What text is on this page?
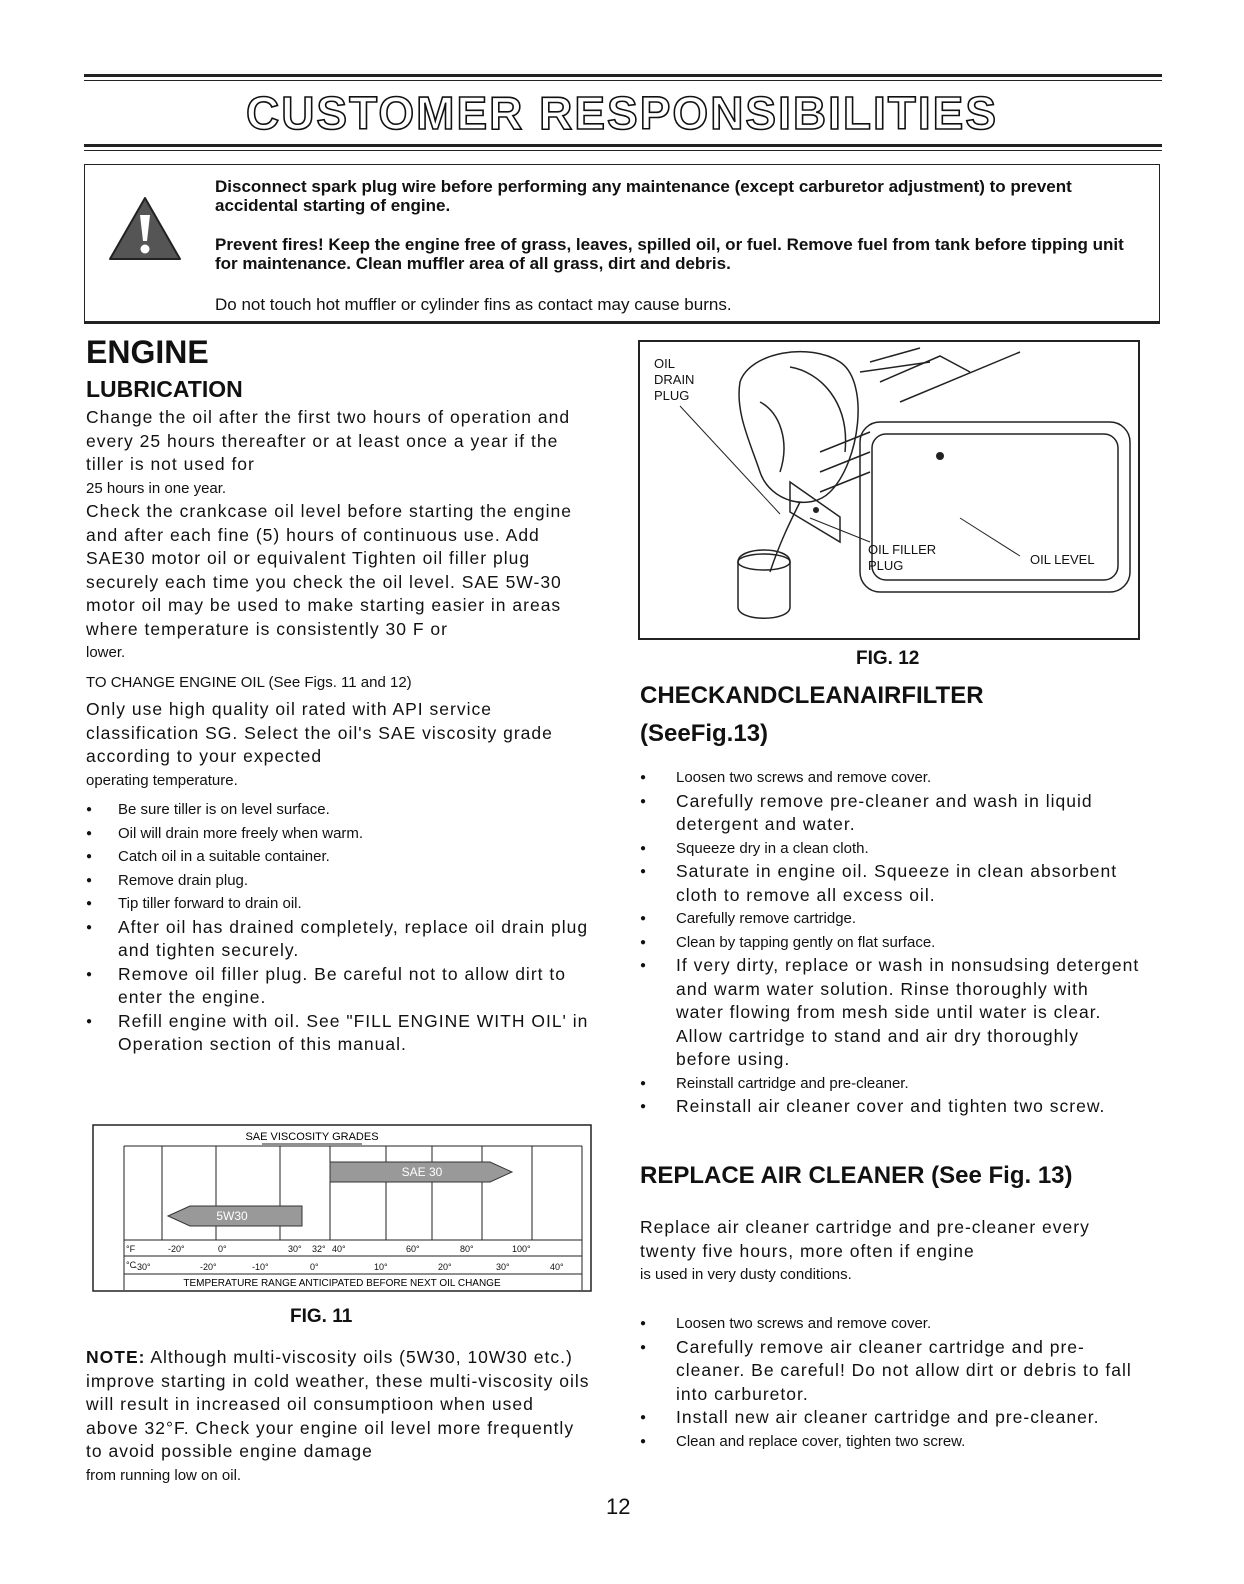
CUSTOMER RESPONSIBILITIES

Disconnect spark plug wire before performing any maintenance (except carburetor adjustment) to prevent accidental starting of engine.

Prevent fires! Keep the engine free of grass, leaves, spilled oil, or fuel. Remove fuel from tank before tipping unit for maintenance. Clean muffler area of all grass, dirt and debris.

Do not touch hot muffler or cylinder fins as contact may cause burns.

ENGINE
LUBRICATION

Change the oil after the first two hours of operation and every 25 hours thereafter or at least once a year if the tiller is not used for

25 hours in one year.

Check the crankcase oil level before starting the engine and after each fine (5) hours of continuous use. Add SAE30 motor oil or equivalent Tighten oil filler plug securely each time you check the oil level. SAE 5W-30 motor oil may be used to make starting easier in areas where temperature is consistently 30 F or

lower.

TO CHANGE ENGINE OIL (See Figs. 11 and 12)

Only use high quality oil rated with API service classification SG. Select the oil's SAE viscosity grade according to your expected

operating temperature.

● Be sure tiller is on level surface.
● Oil will drain more freely when warm.
● Catch oil in a suitable container.
● Remove drain plug.
● Tip tiller forward to drain oil.
● After oil has drained completely, replace oil drain plug and tighten securely.
● Remove oil filler plug. Be careful not to allow dirt to enter the engine.
● Refill engine with oil. See "FILL ENGINE WITH OIL' in Operation section of this manual.
SAE VISCOSITY GRADES
SAE 30
5W30
°F	-20°	0°	30° 32° 40°	60°	80°	100°
°C
-30°	-20°	-10°	0°	10°	20°	30°	40°
TEMPERATURE RANGE ANTICIPATED BEFORE NEXT OIL CHANGE
FIG. 11

NOTE: Although multi-viscosity oils (5W30, 10W30 etc.) improve starting in cold weather, these multi-viscosity oils will result in increased oil consumptioon when used above 32°F. Check your engine oil level more frequently to avoid possible engine damage

from running low on oil.

OIL
DRAIN
PLUG
OIL FILLER
PLUG	OIL LEVEL
FIG. 12
CHECKANDCLEANAIRFILTER
(SeeFig.13)
● Loosen two screws and remove cover.
● Carefully remove pre-cleaner and wash in liquid detergent and water.
● Squeeze dry in a clean cloth.
● Saturate in engine oil. Squeeze in clean absorbent cloth to remove all excess oil.
● Carefully remove cartridge.
● Clean by tapping gently on flat surface.
● If very dirty, replace or wash in nonsudsing detergent and warm water solution. Rinse thoroughly with water flowing from mesh side until water is clear. Allow cartridge to stand and air dry thoroughly before using.
● Reinstall cartridge and pre-cleaner.
● Reinstall air cleaner cover and tighten two screw.
REPLACE AIR CLEANER (See Fig. 13)

Replace air cleaner cartridge and pre-cleaner every twenty five hours, more often if engine

is used in very dusty conditions.

● Loosen two screws and remove cover.
● Carefully remove air cleaner cartridge and pre-cleaner. Be careful! Do not allow dirt or debris to fall into carburetor.
● Install new air cleaner cartridge and pre-cleaner.
● Clean and replace cover, tighten two screw.
12
